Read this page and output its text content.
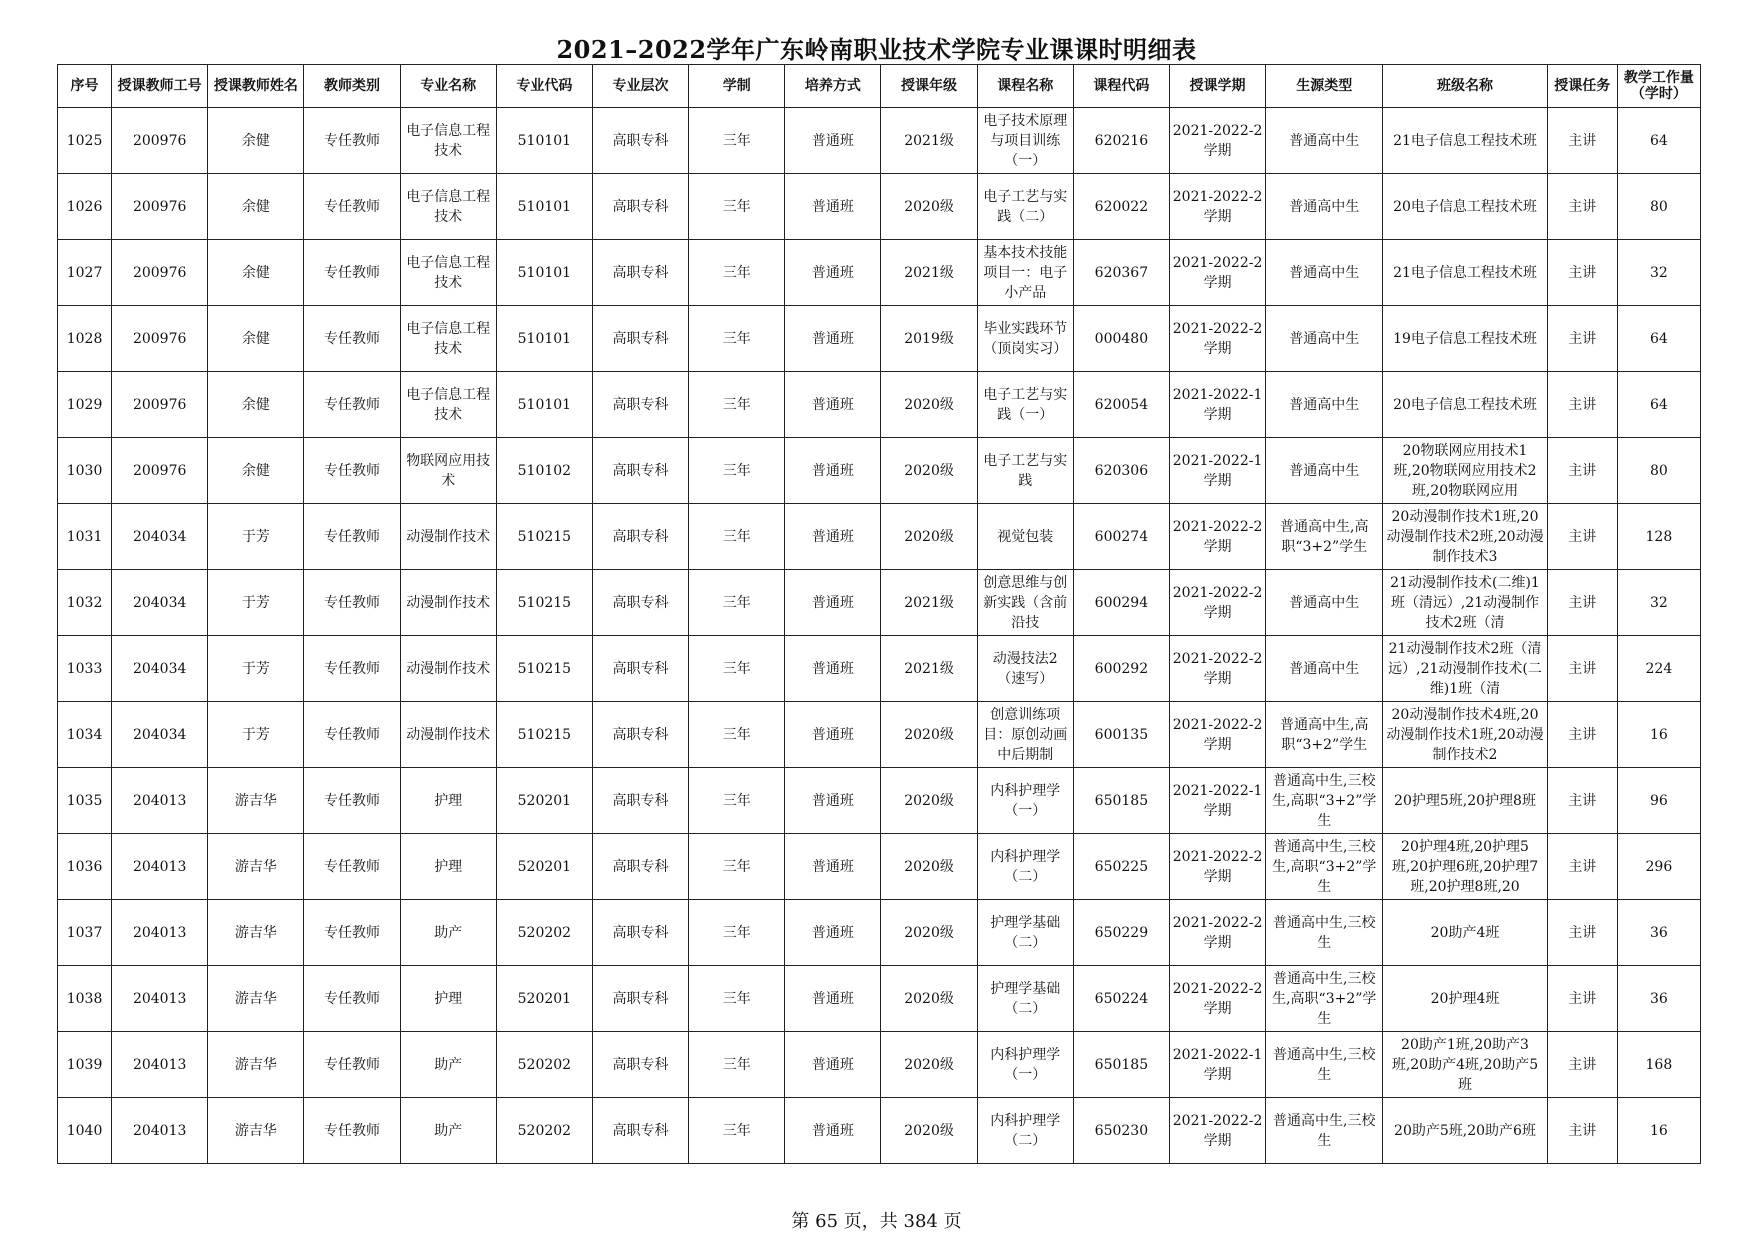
2021–2022学年广东岭南职业技术学院专业课课时明细表
序号	授课教师工号	授课教师姓名	教师类别	专业名称	专业代码	专业层次	学制	培养方式	授课年级	课程名称	课程代码	授课学期	生源类型	班级名称	授课任务	教学工作量（学时）

1025	200976	余健	专任教师	电子信息工程技术	510101	高职专科	三年	普通班	2021级	电子技术原理与项目训练（一）	620216	2021-2022-2学期	普通高中生	21电子信息工程技术班	主讲	64

1026	200976	余健	专任教师	电子信息工程技术	510101	高职专科	三年	普通班	2020级	电子工艺与实践（二）	620022	2021-2022-2学期	普通高中生	20电子信息工程技术班	主讲	80

1027	200976	余健	专任教师	电子信息工程技术	510101	高职专科	三年	普通班	2021级	基本技术技能项目一：电子小产品	620367	2021-2022-2学期	普通高中生	21电子信息工程技术班	主讲	32

1028	200976	余健	专任教师	电子信息工程技术	510101	高职专科	三年	普通班	2019级	毕业实践环节（顶岗实习）	000480	2021-2022-2学期	普通高中生	19电子信息工程技术班	主讲	64

1029	200976	余健	专任教师	电子信息工程技术	510101	高职专科	三年	普通班	2020级	电子工艺与实践（一）	620054	2021-2022-1学期	普通高中生	20电子信息工程技术班	主讲	64

1030	200976	余健	专任教师	物联网应用技术	510102	高职专科	三年	普通班	2020级	电子工艺与实践	620306	2021-2022-1学期	普通高中生	20物联网应用技术1班,20物联网应用技术2班,20物联网应用	主讲	80

1031	204034	于芳	专任教师	动漫制作技术	510215	高职专科	三年	普通班	2020级	视觉包装	600274	2021-2022-2学期	普通高中生,高职“3+2”学生	20动漫制作技术1班,20动漫制作技术2班,20动漫制作技术3	主讲	128

1032	204034	于芳	专任教师	动漫制作技术	510215	高职专科	三年	普通班	2021级	创意思维与创新实践（含前沿技	600294	2021-2022-2学期	普通高中生	21动漫制作技术(二维)1班（清远）,21动漫制作技术2班（清	主讲	32

1033	204034	于芳	专任教师	动漫制作技术	510215	高职专科	三年	普通班	2021级	动漫技法2（速写）	600292	2021-2022-2学期	普通高中生	21动漫制作技术2班（清远）,21动漫制作技术(二维)1班（清	主讲	224

1034	204034	于芳	专任教师	动漫制作技术	510215	高职专科	三年	普通班	2020级	创意训练项目：原创动画中后期制	600135	2021-2022-2学期	普通高中生,高职“3+2”学生	20动漫制作技术4班,20动漫制作技术1班,20动漫制作技术2	主讲	16

1035	204013	游吉华	专任教师	护理	520201	高职专科	三年	普通班	2020级	内科护理学（一）	650185	2021-2022-1学期	普通高中生,三校生,高职“3+2”学生	20护理5班,20护理8班	主讲	96

1036	204013	游吉华	专任教师	护理	520201	高职专科	三年	普通班	2020级	内科护理学（二）	650225	2021-2022-2学期	普通高中生,三校生,高职“3+2”学生	20护理4班,20护理5班,20护理6班,20护理7班,20护理8班,20	主讲	296

1037	204013	游吉华	专任教师	助产	520202	高职专科	三年	普通班	2020级	护理学基础（二）	650229	2021-2022-2学期	普通高中生,三校生	20助产4班	主讲	36

1038	204013	游吉华	专任教师	护理	520201	高职专科	三年	普通班	2020级	护理学基础（二）	650224	2021-2022-2学期	普通高中生,三校生,高职“3+2”学生	20护理4班	主讲	36

1039	204013	游吉华	专任教师	助产	520202	高职专科	三年	普通班	2020级	内科护理学（一）	650185	2021-2022-1学期	普通高中生,三校生	20助产1班,20助产3班,20助产4班,20助产5班	主讲	168

1040	204013	游吉华	专任教师	助产	520202	高职专科	三年	普通班	2020级	内科护理学（二）	650230	2021-2022-2学期	普通高中生,三校生	20助产5班,20助产6班	主讲	16
第 65 页，共 384 页
